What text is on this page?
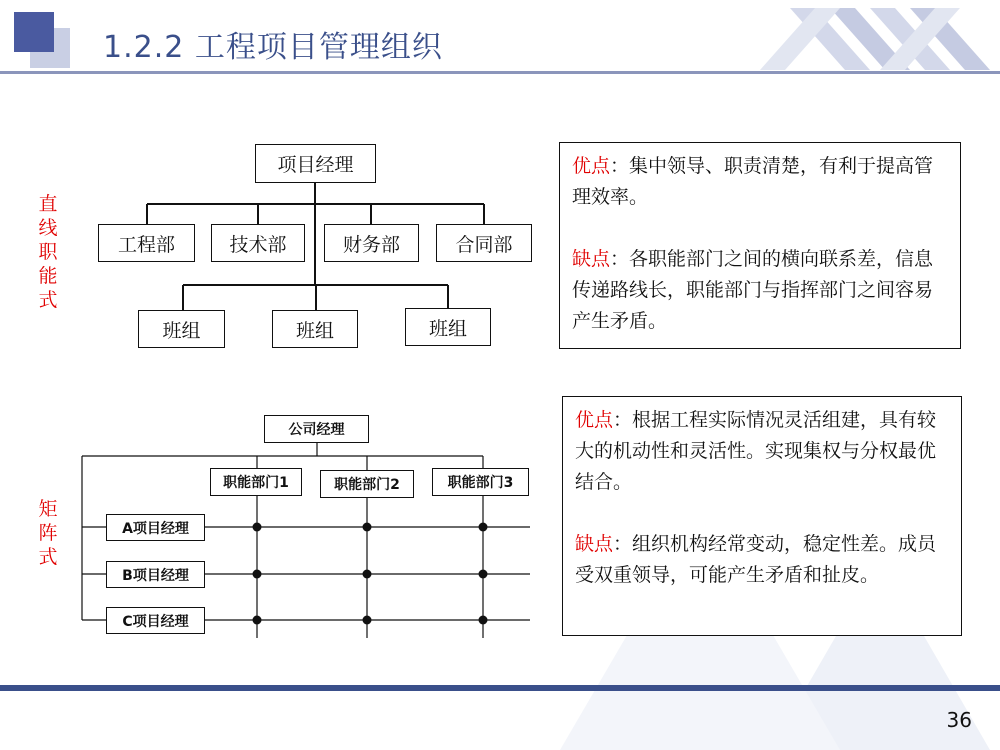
1.2.2 工程项目管理组织
直
线
职
能
式
项目经理
工程部	技术部	财务部	合同部
班组	班组	班组

优点：集中领导、职责清楚，有利于提高管理效率。

缺点：各职能部门之间的横向联系差，信息传递路线长，职能部门与指挥部门之间容易产生矛盾。

矩
阵
式
公司经理
职能部门1	职能部门2	职能部门3
A项目经理
B项目经理
C项目经理

优点：根据工程实际情况灵活组建，具有较大的机动性和灵活性。实现集权与分权最优结合。

缺点：组织机构经常变动，稳定性差。成员受双重领导，可能产生矛盾和扯皮。

36
